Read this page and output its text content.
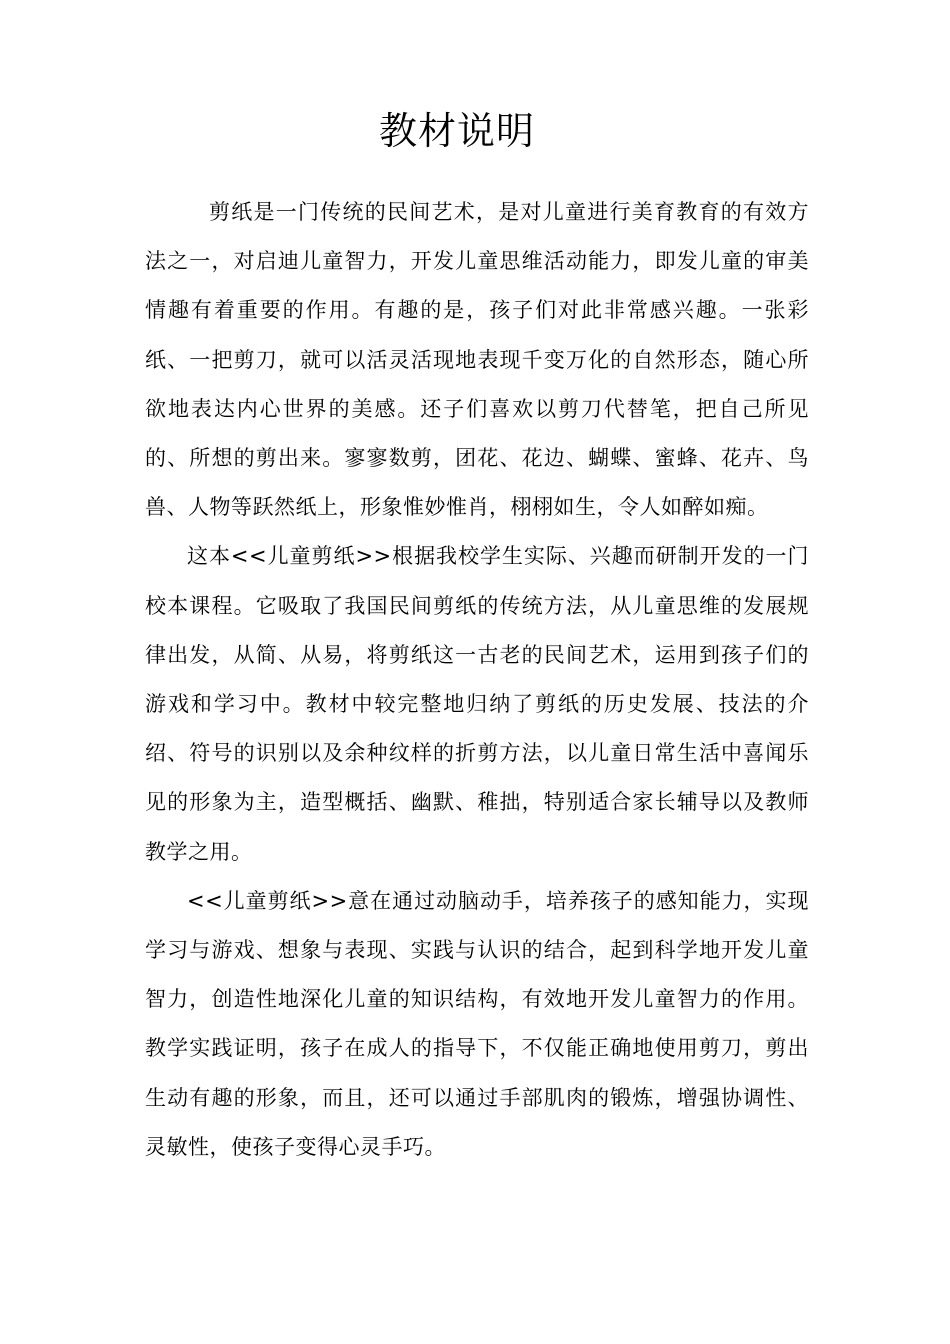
教材说明

剪纸是一门传统的民间艺术，是对儿童进行美育教育的有效方法之一，对启迪儿童智力，开发儿童思维活动能力，即发儿童的审美情趣有着重要的作用。有趣的是，孩子们对此非常感兴趣。一张彩纸、一把剪刀，就可以活灵活现地表现千变万化的自然形态，随心所欲地表达内心世界的美感。还子们喜欢以剪刀代替笔，把自己所见的、所想的剪出来。寥寥数剪，团花、花边、蝴蝶、蜜蜂、花卉、鸟兽、人物等跃然纸上，形象惟妙惟肖，栩栩如生，令人如醉如痴。

这本<<儿童剪纸>>根据我校学生实际、兴趣而研制开发的一门校本课程。它吸取了我国民间剪纸的传统方法，从儿童思维的发展规律出发，从简、从易，将剪纸这一古老的民间艺术，运用到孩子们的游戏和学习中。教材中较完整地归纳了剪纸的历史发展、技法的介绍、符号的识别以及余种纹样的折剪方法，以儿童日常生活中喜闻乐见的形象为主，造型概括、幽默、稚拙，特别适合家长辅导以及教师教学之用。

<<儿童剪纸>>意在通过动脑动手，培养孩子的感知能力，实现学习与游戏、想象与表现、实践与认识的结合，起到科学地开发儿童智力，创造性地深化儿童的知识结构，有效地开发儿童智力的作用。教学实践证明，孩子在成人的指导下，不仅能正确地使用剪刀，剪出生动有趣的形象，而且，还可以通过手部肌肉的锻炼，增强协调性、灵敏性，使孩子变得心灵手巧。
